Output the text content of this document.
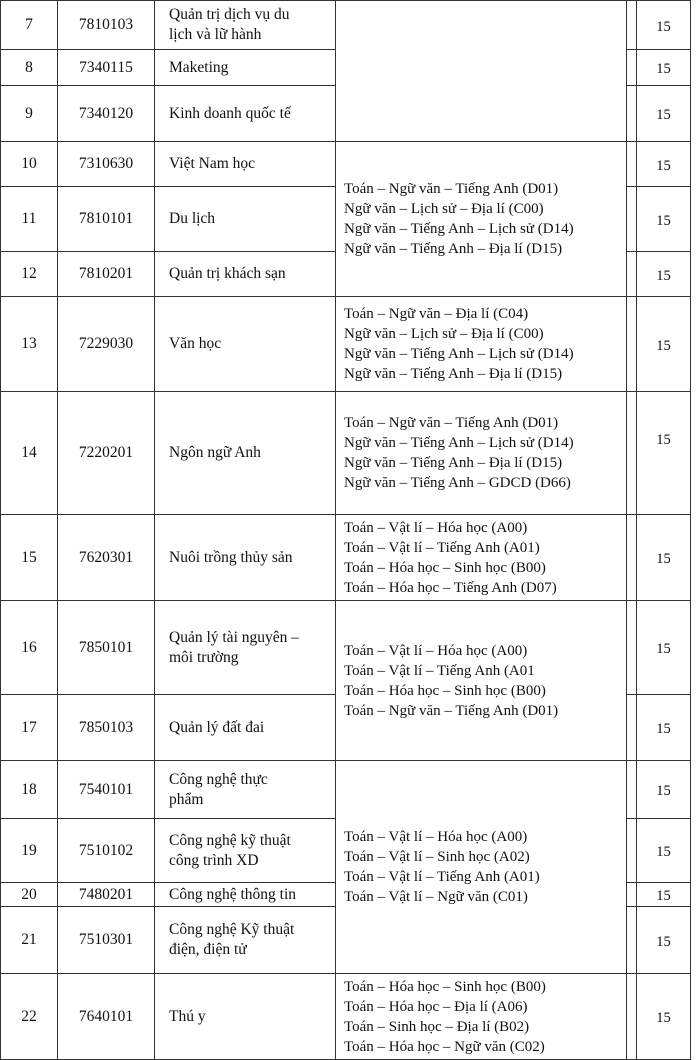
7	7810103	Quản trị dịch vụ du
lịch và lữ hành			15
8	7340115	Maketing			15
9	7340120	Kinh doanh quốc tế			15
10	7310630	Việt Nam học	Toán – Ngữ văn – Tiếng Anh (D01)
Ngữ văn – Lịch sử – Địa lí (C00)
Ngữ văn – Tiếng Anh – Lịch sử (D14)
Ngữ văn – Tiếng Anh – Địa lí (D15)		15
11	7810101	Du lịch			15
12	7810201	Quản trị khách sạn			15
13	7229030	Văn học	Toán – Ngữ văn – Địa lí (C04)
Ngữ văn – Lịch sử – Địa lí (C00)
Ngữ văn – Tiếng Anh – Lịch sử (D14)
Ngữ văn – Tiếng Anh – Địa lí (D15)		15
14	7220201	Ngôn ngữ Anh	Toán – Ngữ văn – Tiếng Anh (D01)
Ngữ văn – Tiếng Anh – Lịch sử (D14)
Ngữ văn – Tiếng Anh – Địa lí (D15)
Ngữ văn – Tiếng Anh – GDCD (D66)		15
15	7620301	Nuôi trồng thủy sản	Toán – Vật lí – Hóa học (A00)
Toán – Vật lí – Tiếng Anh (A01)
Toán – Hóa học – Sinh học (B00)
Toán – Hóa học – Tiếng Anh (D07)		15
16	7850101	Quản lý tài nguyên –
môi trường	Toán – Vật lí – Hóa học (A00)
Toán – Vật lí – Tiếng Anh (A01
Toán – Hóa học – Sinh học (B00)
Toán – Ngữ văn – Tiếng Anh (D01)		15
17	7850103	Quản lý đất đai			15
18	7540101	Công nghệ thực
phẩm	Toán – Vật lí – Hóa học (A00)
Toán – Vật lí – Sinh học (A02)
Toán – Vật lí – Tiếng Anh (A01)
Toán – Vật lí – Ngữ văn (C01)		15
19	7510102	Công nghệ kỹ thuật
công trình XD			15
20	7480201	Công nghệ thông tin			15
21	7510301	Công nghệ Kỹ thuật
điện, điện tử			15
22	7640101	Thú y	Toán – Hóa học – Sinh học (B00)
Toán – Hóa học – Địa lí (A06)
Toán – Sinh học – Địa lí (B02)
Toán – Hóa học – Ngữ văn (C02)		15
